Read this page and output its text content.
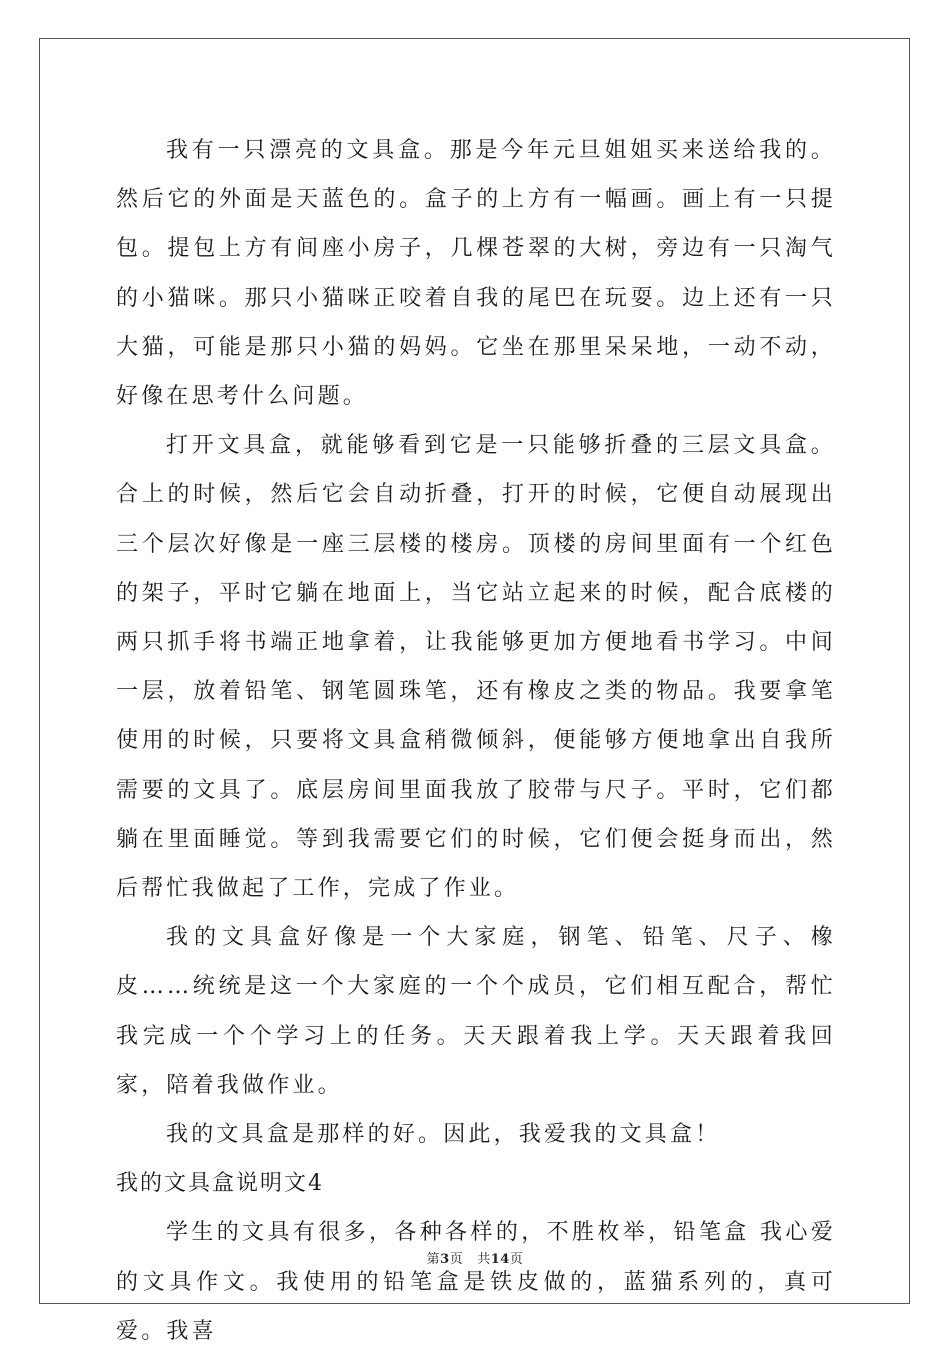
我有一只漂亮的文具盒。那是今年元旦姐姐买来送给我的。然后它的外面是天蓝色的。盒子的上方有一幅画。画上有一只提包。提包上方有间座小房子，几棵苍翠的大树，旁边有一只淘气的小猫咪。那只小猫咪正咬着自我的尾巴在玩耍。边上还有一只大猫，可能是那只小猫的妈妈。它坐在那里呆呆地，一动不动，好像在思考什么问题。

打开文具盒，就能够看到它是一只能够折叠的三层文具盒。合上的时候，然后它会自动折叠，打开的时候，它便自动展现出三个层次好像是一座三层楼的楼房。顶楼的房间里面有一个红色的架子，平时它躺在地面上，当它站立起来的时候，配合底楼的两只抓手将书端正地拿着，让我能够更加方便地看书学习。中间一层，放着铅笔、钢笔圆珠笔，还有橡皮之类的物品。我要拿笔使用的时候，只要将文具盒稍微倾斜，便能够方便地拿出自我所需要的文具了。底层房间里面我放了胶带与尺子。平时，它们都躺在里面睡觉。等到我需要它们的时候，它们便会挺身而出，然后帮忙我做起了工作，完成了作业。

我的文具盒好像是一个大家庭，钢笔、铅笔、尺子、橡皮……统统是这一个大家庭的一个个成员，它们相互配合，帮忙我完成一个个学习上的任务。天天跟着我上学。天天跟着我回家，陪着我做作业。

我的文具盒是那样的好。因此，我爱我的文具盒！

我的文具盒说明文4

学生的文具有很多，各种各样的，不胜枚举，铅笔盒 我心爱的文具作文。我使用的铅笔盒是铁皮做的，蓝猫系列的，真可爱。我喜

第3页 共14页
